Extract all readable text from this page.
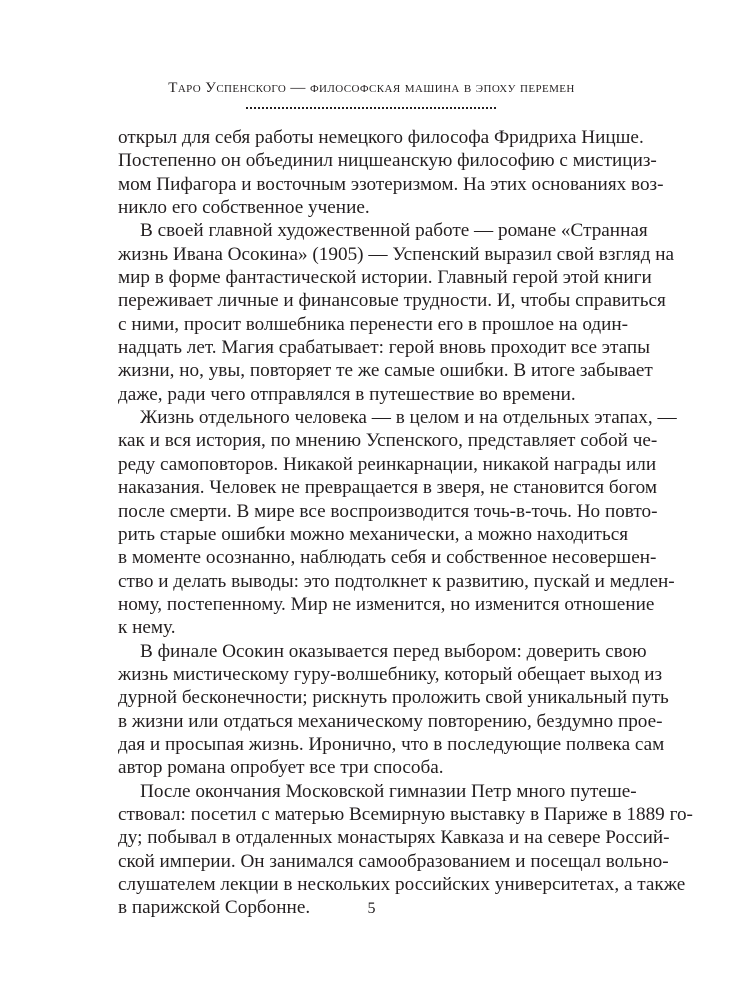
Таро Успенского — философская машина в эпоху перемен
открыл для себя работы немецкого философа Фридриха Ницше.
Постепенно он объединил ницшеанскую философию с мистициз-
мом Пифагора и восточным эзотеризмом. На этих основаниях воз-
никло его собственное учение.
В своей главной художественной работе — романе «Странная
жизнь Ивана Осокина» (1905) — Успенский выразил свой взгляд на
мир в форме фантастической истории. Главный герой этой книги
переживает личные и финансовые трудности. И, чтобы справиться
с ними, просит волшебника перенести его в прошлое на один-
надцать лет. Магия срабатывает: герой вновь проходит все этапы
жизни, но, увы, повторяет те же самые ошибки. В итоге забывает
даже, ради чего отправлялся в путешествие во времени.
Жизнь отдельного человека — в целом и на отдельных этапах, —
как и вся история, по мнению Успенского, представляет собой че-
реду самоповторов. Никакой реинкарнации, никакой награды или
наказания. Человек не превращается в зверя, не становится богом
после смерти. В мире все воспроизводится точь-в-точь. Но повто-
рить старые ошибки можно механически, а можно находиться
в моменте осознанно, наблюдать себя и собственное несовершен-
ство и делать выводы: это подтолкнет к развитию, пускай и медлен-
ному, постепенному. Мир не изменится, но изменится отношение
к нему.
В финале Осокин оказывается перед выбором: доверить свою
жизнь мистическому гуру-волшебнику, который обещает выход из
дурной бесконечности; рискнуть проложить свой уникальный путь
в жизни или отдаться механическому повторению, бездумно прое-
дая и просыпая жизнь. Иронично, что в последующие полвека сам
автор романа опробует все три способа.
После окончания Московской гимназии Петр много путеше-
ствовал: посетил с матерью Всемирную выставку в Париже в 1889 го-
ду; побывал в отдаленных монастырях Кавказа и на севере Россий-
ской империи. Он занимался самообразованием и посещал вольно-
слушателем лекции в нескольких российских университетах, а также
в парижской Сорбонне.	5
